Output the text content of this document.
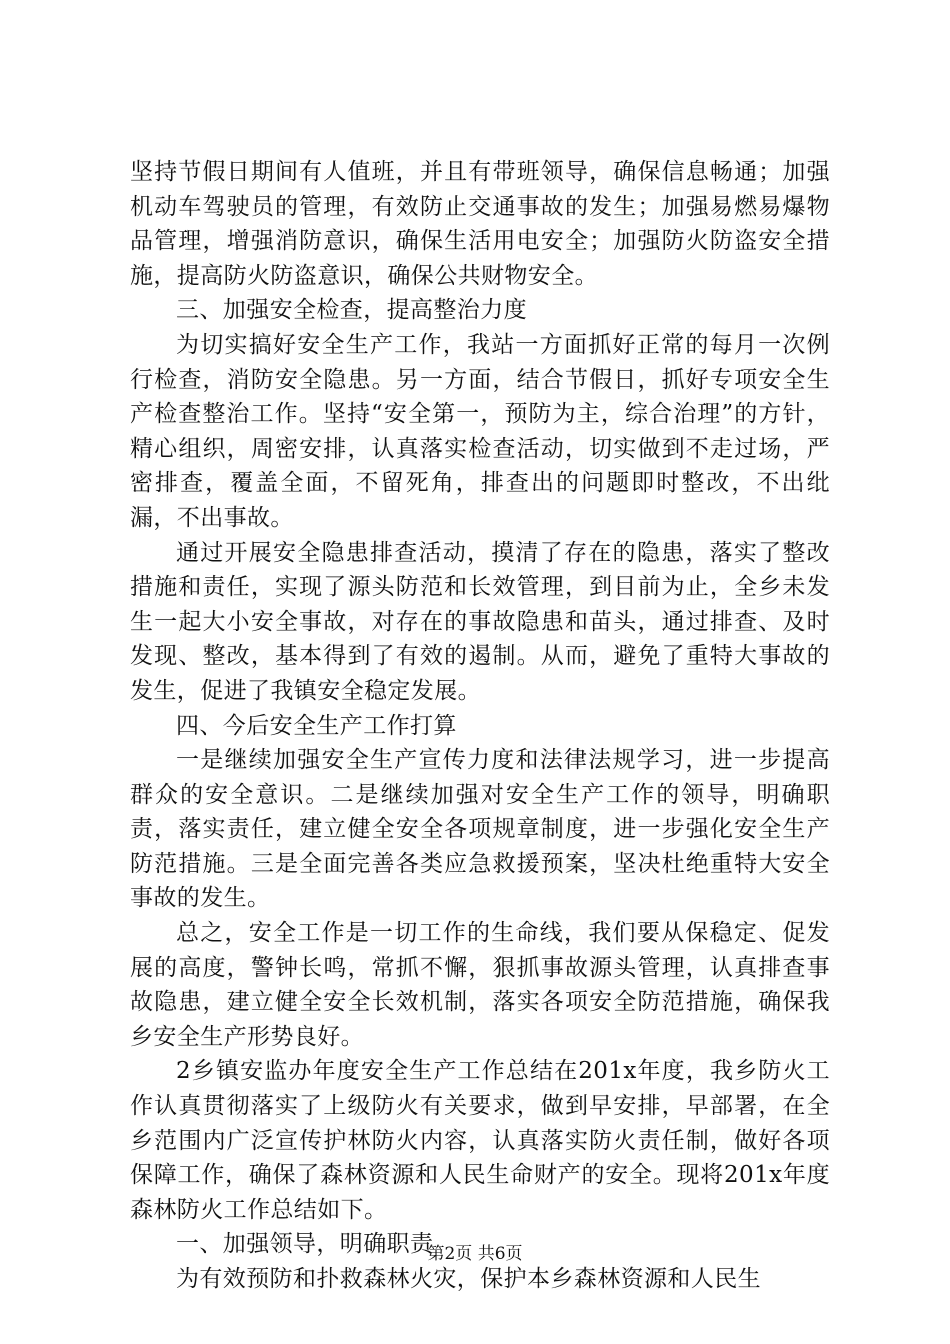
坚持节假日期间有人值班，并且有带班领导，确保信息畅通；加强机动车驾驶员的管理，有效防止交通事故的发生；加强易燃易爆物品管理，增强消防意识，确保生活用电安全；加强防火防盗安全措施，提高防火防盗意识，确保公共财物安全。

三、加强安全检查，提高整治力度

为切实搞好安全生产工作，我站一方面抓好正常的每月一次例行检查，消防安全隐患。另一方面，结合节假日，抓好专项安全生产检查整治工作。坚持“安全第一，预防为主，综合治理”的方针，精心组织，周密安排，认真落实检查活动，切实做到不走过场，严密排查，覆盖全面，不留死角，排查出的问题即时整改，不出纰漏，不出事故。

通过开展安全隐患排查活动，摸清了存在的隐患，落实了整改措施和责任，实现了源头防范和长效管理，到目前为止，全乡未发生一起大小安全事故，对存在的事故隐患和苗头，通过排查、及时发现、整改，基本得到了有效的遏制。从而，避免了重特大事故的发生，促进了我镇安全稳定发展。

四、今后安全生产工作打算

一是继续加强安全生产宣传力度和法律法规学习，进一步提高群众的安全意识。二是继续加强对安全生产工作的领导，明确职责，落实责任，建立健全安全各项规章制度，进一步强化安全生产防范措施。三是全面完善各类应急救援预案，坚决杜绝重特大安全事故的发生。

总之，安全工作是一切工作的生命线，我们要从保稳定、促发展的高度，警钟长鸣，常抓不懈，狠抓事故源头管理，认真排查事故隐患，建立健全安全长效机制，落实各项安全防范措施，确保我乡安全生产形势良好。

2乡镇安监办年度安全生产工作总结在201x年度，我乡防火工作认真贯彻落实了上级防火有关要求，做到早安排，早部署，在全乡范围内广泛宣传护林防火内容，认真落实防火责任制，做好各项保障工作，确保了森林资源和人民生命财产的安全。现将201x年度森林防火工作总结如下。

一、加强领导，明确职责

为有效预防和扑救森林火灾，保护本乡森林资源和人民生

第2页 共6页
